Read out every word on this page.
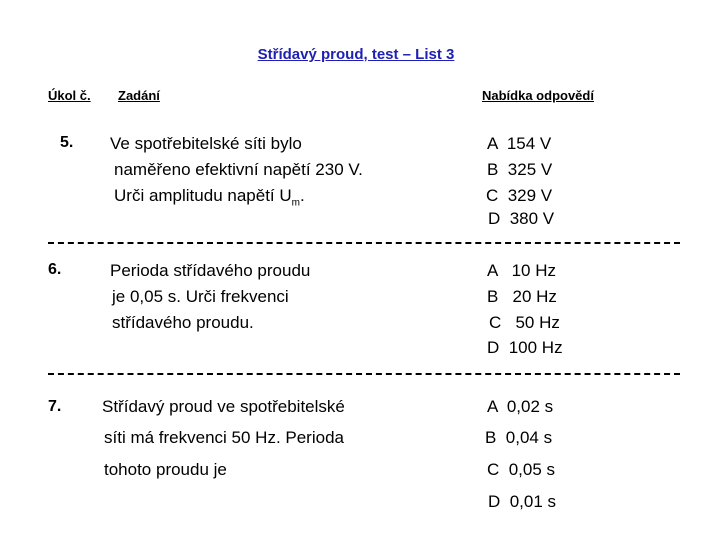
Střídavý proud, test – List 3
Úkol č. Zadání	Nabídka odpovědí
5. Ve spotřebitelské síti bylo
naměřeno efektivní napětí 230 V.
Urči amplitudu napětí $U_m$.
A  154 V
B  325 V
C  329 V
D  380 V
6.	Perioda střídavého proudu
je 0,05 s. Urči frekvenci
střídavého proudu.
A   10 Hz
B   20 Hz
C   50 Hz
D  100 Hz
7. Střídavý proud ve spotřebitelské
síti má frekvenci 50 Hz. Perioda
tohoto proudu je
A  0,02 s
B  0,04 s
C  0,05 s
D  0,01 s
